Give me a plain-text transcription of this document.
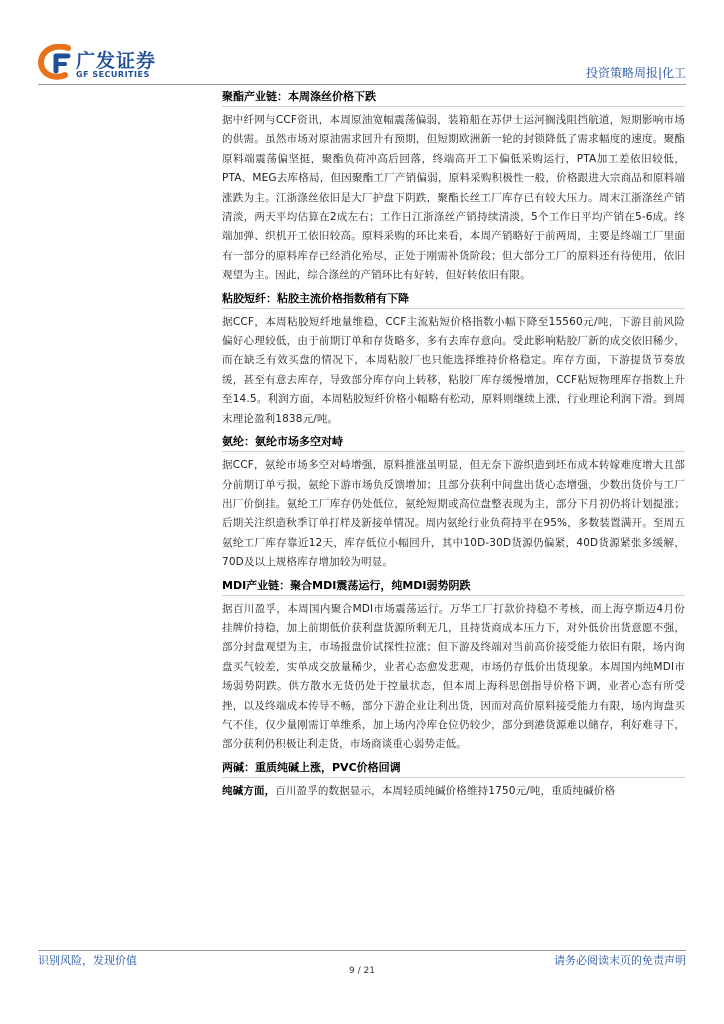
广发证券
GF SECURITIES	投资策略周报|化工
聚酯产业链：本周涤丝价格下跌

据中纤网与CCF资讯，本周原油宽幅震荡偏弱，装箱船在苏伊士运河搁浅阻挡航道，短期影响市场的供需。虽然市场对原油需求回升有预期，但短期欧洲新一轮的封锁降低了需求幅度的速度。聚酯原料端震荡偏坚挺，聚酯负荷冲高后回落，终端高开工下偏低采购运行，PTA加工差依旧较低，PTA、MEG去库格局，但因聚酯工厂产销偏弱，原料采购积极性一般，价格跟进大宗商品和原料端涨跌为主。江浙涤丝依旧是大厂护盘下阴跌，聚酯长丝工厂库存已有较大压力。周末江浙涤丝产销清淡，两天平均估算在2成左右；工作日江浙涤丝产销持续清淡，5个工作日平均产销在5-6成。终端加弹、织机开工依旧较高。原料采购的环比来看，本周产销略好于前两周，主要是终端工厂里面有一部分的原料库存已经消化殆尽，正处于刚需补货阶段；但大部分工厂的原料还有待使用，依旧观望为主。因此，综合涤丝的产销环比有好转，但好转依旧有限。

粘胶短纤：粘胶主流价格指数稍有下降

据CCF，本周粘胶短纤地量维稳，CCF主流粘短价格指数小幅下降至15560元/吨，下游目前风险偏好心理较低，由于前期订单和存货略多，多有去库存意向。受此影响粘胶厂新的成交依旧稀少，而在缺乏有效买盘的情况下，本周粘胶厂也只能选择维持价格稳定。库存方面，下游提货节奏放缓，甚至有意去库存，导致部分库存向上转移，粘胶厂库存缓慢增加，CCF粘短物理库存指数上升至14.5。利润方面，本周粘胶短纤价格小幅略有松动，原料则继续上涨，行业理论利润下滑。到周末理论盈利1838元/吨。

氨纶：氨纶市场多空对峙

据CCF，氨纶市场多空对峙增强，原料推涨虽明显，但无奈下游织造到坯布成本转嫁难度增大且部分前期订单亏损，氨纶下游市场负反馈增加；且部分获利中间盘出货心态增强，少数出货价与工厂出厂价倒挂。氨纶工厂库存仍处低位，氨纶短期或高位盘整表现为主，部分下月初仍将计划提涨；后期关注织造秋季订单打样及新接单情况。周内氨纶行业负荷持平在95%，多数装置满开。至周五氨纶工厂库存靠近12天，库存低位小幅回升，其中10D-30D货源仍偏紧，40D货源紧张多缓解，70D及以上规格库存增加较为明显。

MDI产业链：聚合MDI震荡运行，纯MDI弱势阴跌

据百川盈孚，本周国内聚合MDI市场震荡运行。万华工厂打款价持稳不考核，而上海亨斯迈4月份挂牌价持稳，加上前期低价获利盘货源所剩无几，且持货商成本压力下，对外低价出货意愿不强，部分封盘观望为主，市场报盘价试探性拉涨；但下游及终端对当前高价接受能力依旧有限，场内询盘买气较差，实单成交放量稀少，业者心态愈发悲观，市场仍存低价出货现象。本周国内纯MDI市场弱势阴跌。供方散水无货仍处于控量状态，但本周上海科思创指导价格下调，业者心态有所受挫，以及终端成本传导不畅，部分下游企业让利出货，因而对高价原料接受能力有限，场内询盘买气不佳，仅少量刚需订单维系，加上场内冷库仓位仍较少，部分到港货源难以储存，利好难寻下，部分获利仍积极让利走货，市场商谈重心弱势走低。

两碱：重质纯碱上涨，PVC价格回调

纯碱方面，百川盈孚的数据显示，本周轻质纯碱价格维持1750元/吨，重质纯碱价格

识别风险，发现价值	请务必阅读末页的免责声明
9 / 21
